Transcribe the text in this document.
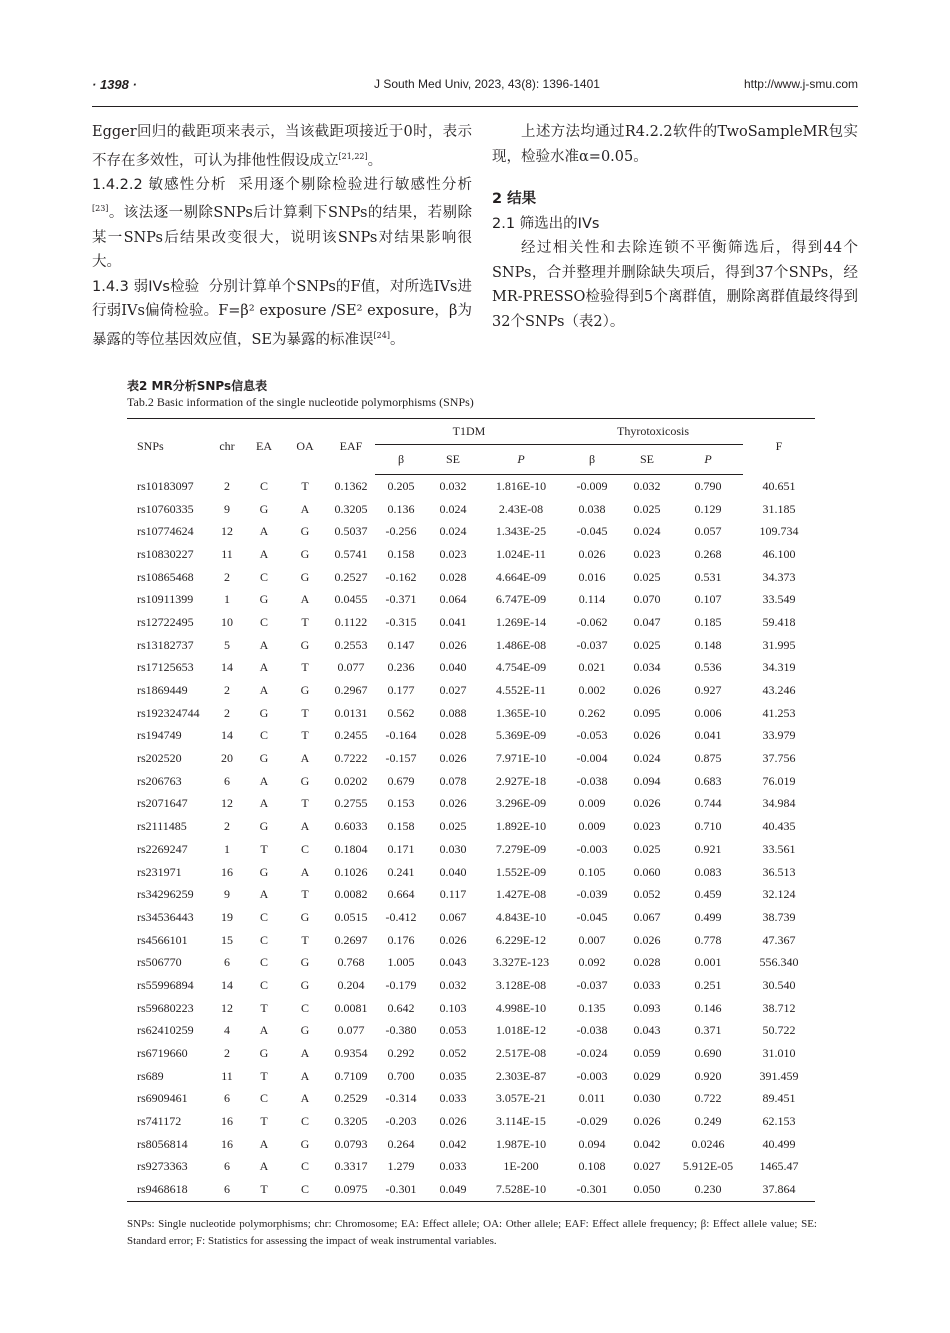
· 1398 ·	J South Med Univ, 2023, 43(8): 1396-1401	http://www.j-smu.com

Egger回归的截距项来表示，当该截距项接近于0时，表示不存在多效性，可认为排他性假设成立[21,22]。

1.4.2.2 敏感性分析 采用逐个剔除检验进行敏感性分析[23]。该法逐一剔除SNPs后计算剩下SNPs的结果，若剔除某一SNPs后结果改变很大，说明该SNPs对结果影响很大。

1.4.3 弱IVs检验 分别计算单个SNPs的F值，对所选IVs进行弱IVs偏倚检验。F=β² exposure /SE² exposure，β为暴露的等位基因效应值，SE为暴露的标准误[24]。

上述方法均通过R4.2.2软件的TwoSampleMR包实现，检验水准α=0.05。

2 结果

2.1 筛选出的IVs

经过相关性和去除连锁不平衡筛选后，得到44个SNPs，合并整理并删除缺失项后，得到37个SNPs，经MR-PRESSO检验得到5个离群值，删除离群值最终得到32个SNPs（表2）。

表2 MR分析SNPs信息表
Tab.2 Basic information of the single nucleotide polymorphisms (SNPs)
SNPs	chr	EA	OA	EAF	T1DM			Thyrotoxicosis			F
					β	SE	P	β	SE	P	
rs10183097	2	C	T	0.1362	0.205	0.032	1.816E-10	-0.009	0.032	0.790	40.651
rs10760335	9	G	A	0.3205	0.136	0.024	2.43E-08	0.038	0.025	0.129	31.185
rs10774624	12	A	G	0.5037	-0.256	0.024	1.343E-25	-0.045	0.024	0.057	109.734
rs10830227	11	A	G	0.5741	0.158	0.023	1.024E-11	0.026	0.023	0.268	46.100
rs10865468	2	C	G	0.2527	-0.162	0.028	4.664E-09	0.016	0.025	0.531	34.373
rs10911399	1	G	A	0.0455	-0.371	0.064	6.747E-09	0.114	0.070	0.107	33.549
rs12722495	10	C	T	0.1122	-0.315	0.041	1.269E-14	-0.062	0.047	0.185	59.418
rs13182737	5	A	G	0.2553	0.147	0.026	1.486E-08	-0.037	0.025	0.148	31.995
rs17125653	14	A	T	0.077	0.236	0.040	4.754E-09	0.021	0.034	0.536	34.319
rs1869449	2	A	G	0.2967	0.177	0.027	4.552E-11	0.002	0.026	0.927	43.246
rs192324744	2	G	T	0.0131	0.562	0.088	1.365E-10	0.262	0.095	0.006	41.253
rs194749	14	C	T	0.2455	-0.164	0.028	5.369E-09	-0.053	0.026	0.041	33.979
rs202520	20	G	A	0.7222	-0.157	0.026	7.971E-10	-0.004	0.024	0.875	37.756
rs206763	6	A	G	0.0202	0.679	0.078	2.927E-18	-0.038	0.094	0.683	76.019
rs2071647	12	A	T	0.2755	0.153	0.026	3.296E-09	0.009	0.026	0.744	34.984
rs2111485	2	G	A	0.6033	0.158	0.025	1.892E-10	0.009	0.023	0.710	40.435
rs2269247	1	T	C	0.1804	0.171	0.030	7.279E-09	-0.003	0.025	0.921	33.561
rs231971	16	G	A	0.1026	0.241	0.040	1.552E-09	0.105	0.060	0.083	36.513
rs34296259	9	A	T	0.0082	0.664	0.117	1.427E-08	-0.039	0.052	0.459	32.124
rs34536443	19	C	G	0.0515	-0.412	0.067	4.843E-10	-0.045	0.067	0.499	38.739
rs4566101	15	C	T	0.2697	0.176	0.026	6.229E-12	0.007	0.026	0.778	47.367
rs506770	6	C	G	0.768	1.005	0.043	3.327E-123	0.092	0.028	0.001	556.340
rs55996894	14	C	G	0.204	-0.179	0.032	3.128E-08	-0.037	0.033	0.251	30.540
rs59680223	12	T	C	0.0081	0.642	0.103	4.998E-10	0.135	0.093	0.146	38.712
rs62410259	4	A	G	0.077	-0.380	0.053	1.018E-12	-0.038	0.043	0.371	50.722
rs6719660	2	G	A	0.9354	0.292	0.052	2.517E-08	-0.024	0.059	0.690	31.010
rs689	11	T	A	0.7109	0.700	0.035	2.303E-87	-0.003	0.029	0.920	391.459
rs6909461	6	C	A	0.2529	-0.314	0.033	3.057E-21	0.011	0.030	0.722	89.451
rs741172	16	T	C	0.3205	-0.203	0.026	3.114E-15	-0.029	0.026	0.249	62.153
rs8056814	16	A	G	0.0793	0.264	0.042	1.987E-10	0.094	0.042	0.0246	40.499
rs9273363	6	A	C	0.3317	1.279	0.033	1E-200	0.108	0.027	5.912E-05	1465.47
rs9468618	6	T	C	0.0975	-0.301	0.049	7.528E-10	-0.301	0.050	0.230	37.864
SNPs: Single nucleotide polymorphisms; chr: Chromosome; EA: Effect allele; OA: Other allele; EAF: Effect allele frequency; β: Effect allele value; SE: Standard error; F: Statistics for assessing the impact of weak instrumental variables.
